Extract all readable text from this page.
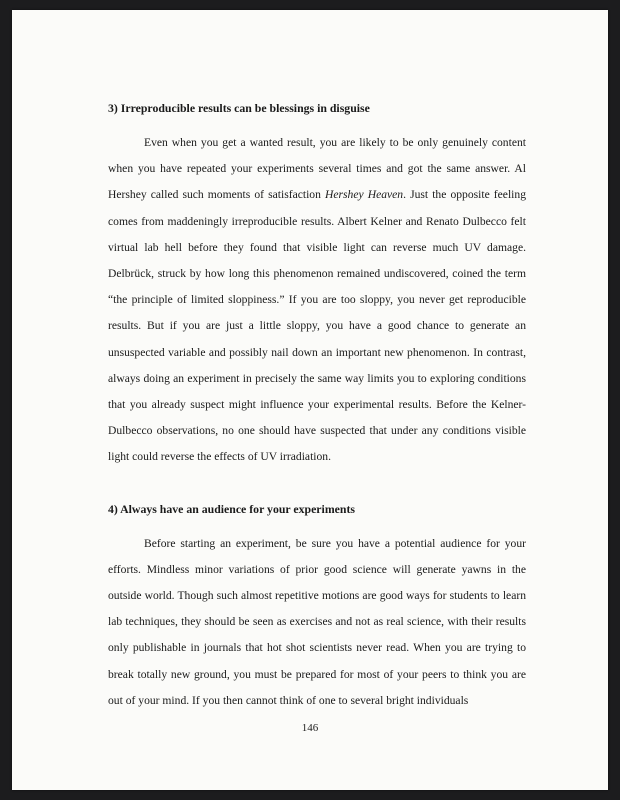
3) Irreproducible results can be blessings in disguise

Even when you get a wanted result, you are likely to be only genuinely content when you have repeated your experiments several times and got the same answer. Al Hershey called such moments of satisfaction Hershey Heaven. Just the opposite feeling comes from maddeningly irreproducible results. Albert Kelner and Renato Dulbecco felt virtual lab hell before they found that visible light can reverse much UV damage. Delbrück, struck by how long this phenomenon remained undiscovered, coined the term “the principle of limited sloppiness.” If you are too sloppy, you never get reproducible results. But if you are just a little sloppy, you have a good chance to generate an unsuspected variable and possibly nail down an important new phenomenon. In contrast, always doing an experiment in precisely the same way limits you to exploring conditions that you already suspect might influence your experimental results. Before the Kelner-Dulbecco observations, no one should have suspected that under any conditions visible light could reverse the effects of UV irradiation.

4) Always have an audience for your experiments

Before starting an experiment, be sure you have a potential audience for your efforts. Mindless minor variations of prior good science will generate yawns in the outside world. Though such almost repetitive motions are good ways for students to learn lab techniques, they should be seen as exercises and not as real science, with their results only publishable in journals that hot shot scientists never read. When you are trying to break totally new ground, you must be prepared for most of your peers to think you are out of your mind. If you then cannot think of one to several bright individuals

146
